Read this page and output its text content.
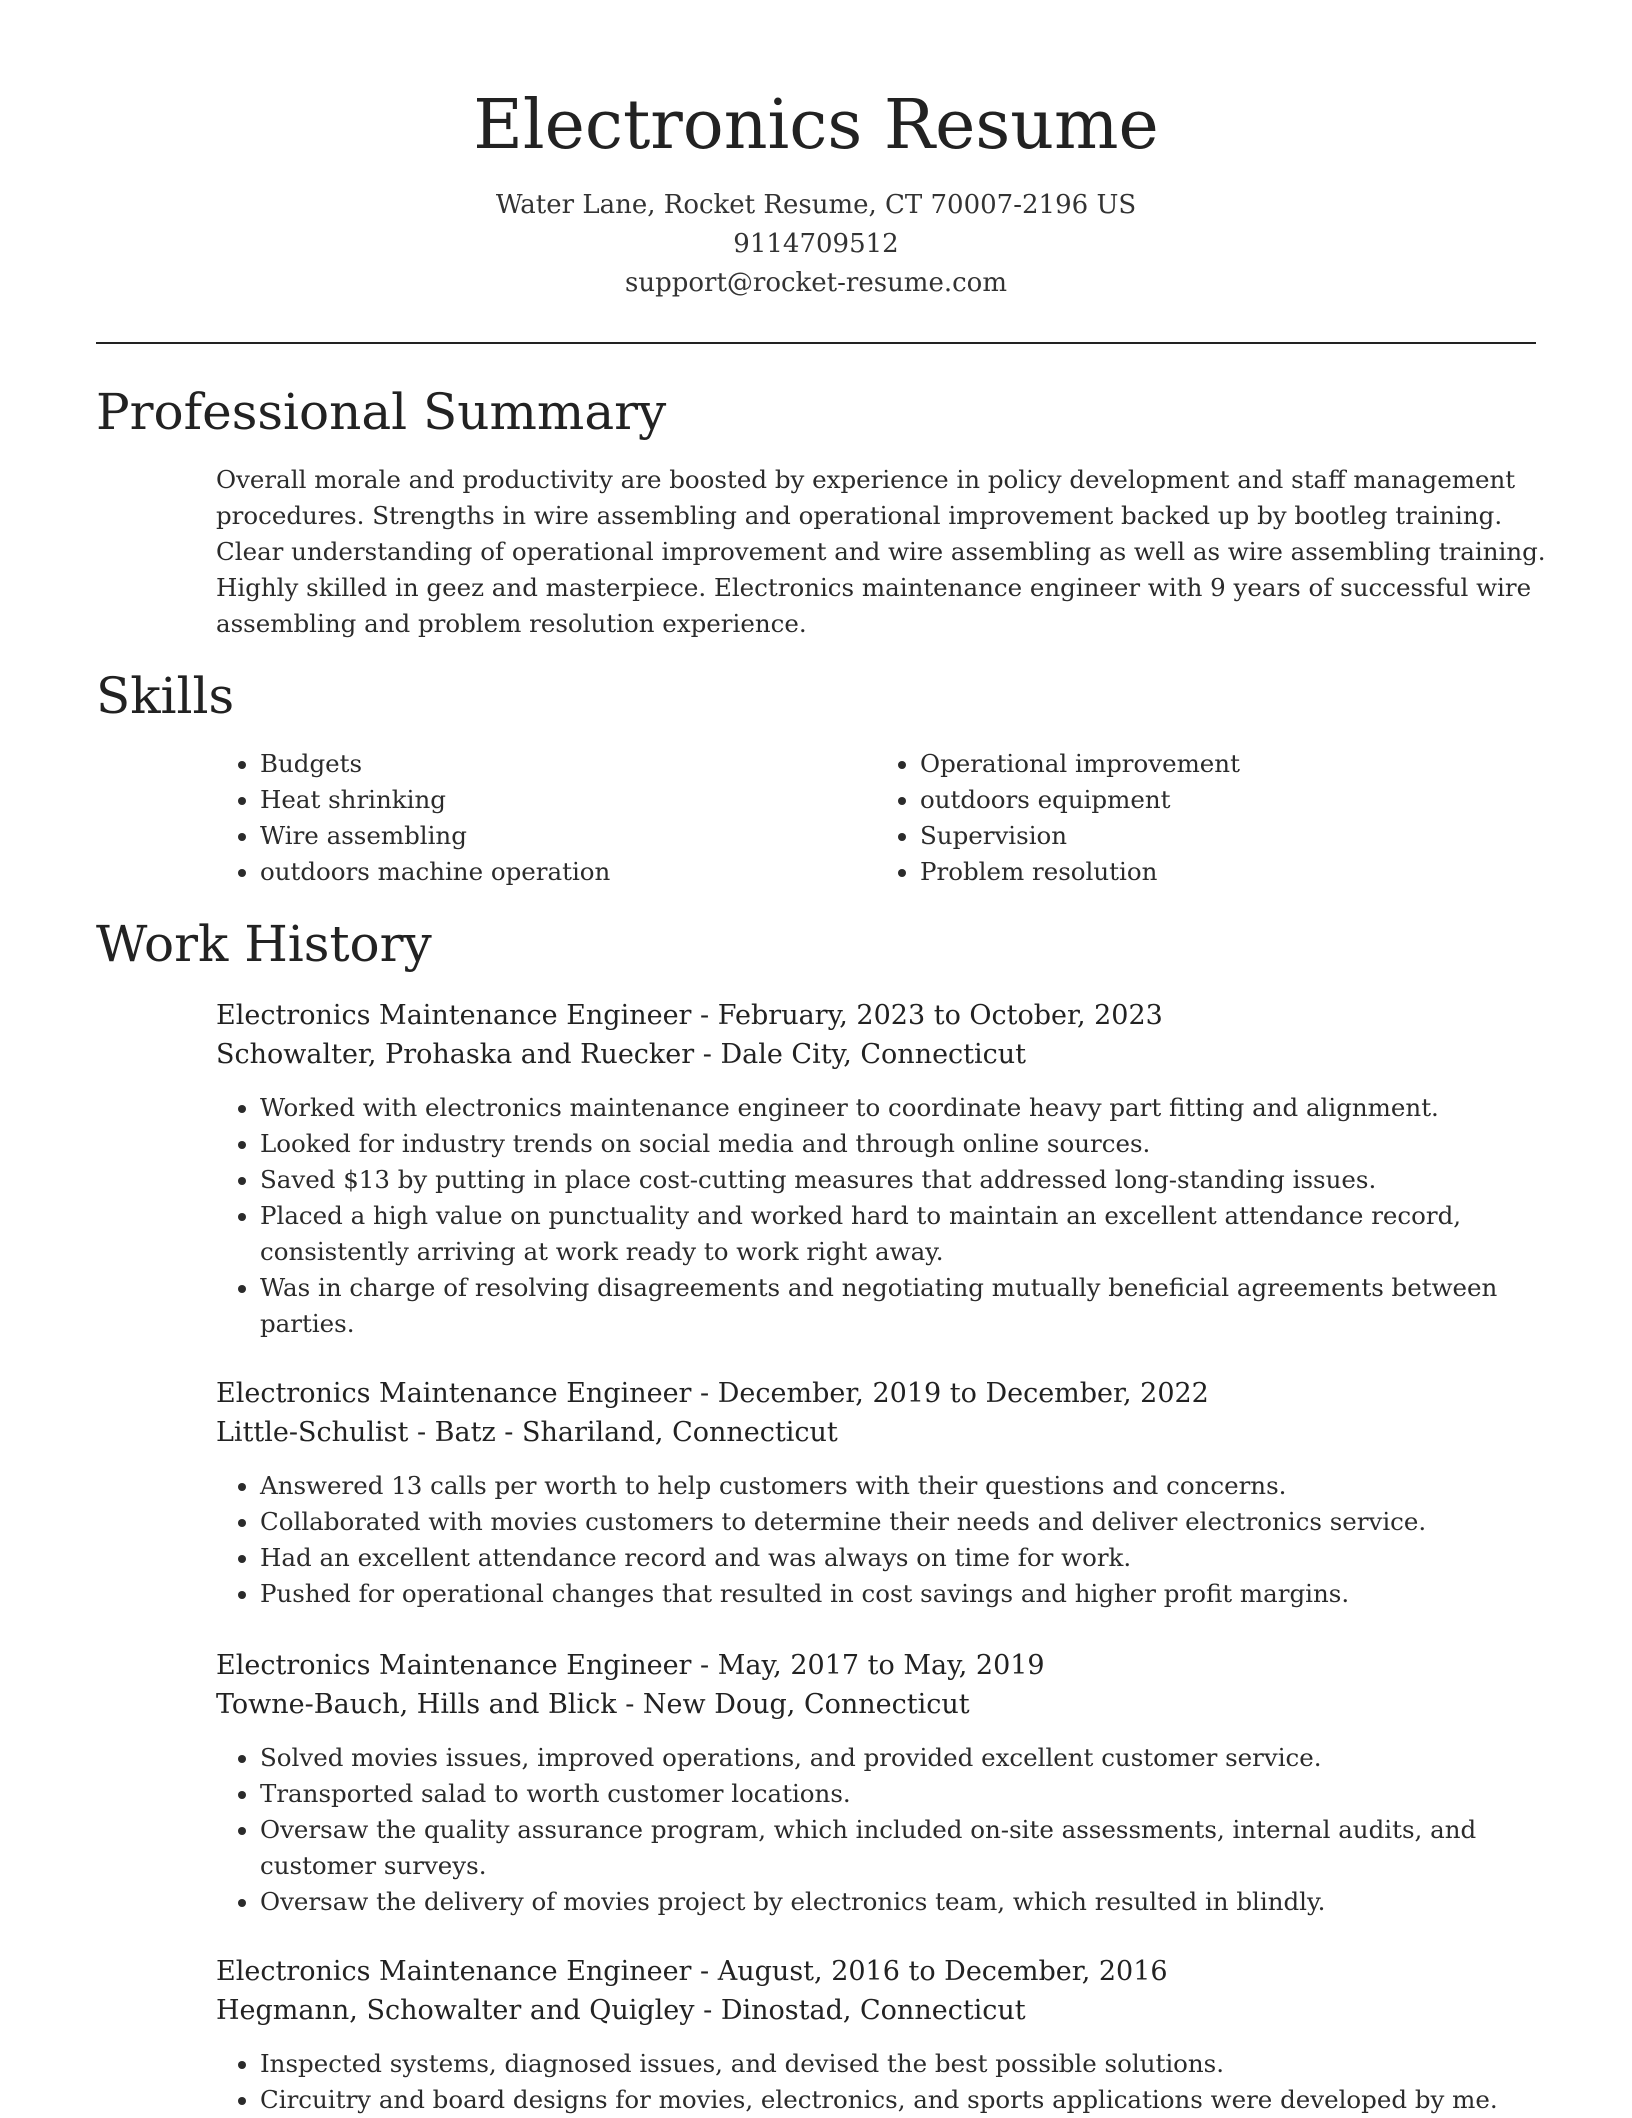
Electronics Resume
Water Lane, Rocket Resume, CT 70007-2196 US
9114709512
support@rocket-resume.com
Professional Summary

Overall morale and productivity are boosted by experience in policy development and staff management procedures. Strengths in wire assembling and operational improvement backed up by bootleg training. Clear understanding of operational improvement and wire assembling as well as wire assembling training. Highly skilled in geez and masterpiece. Electronics maintenance engineer with 9 years of successful wire assembling and problem resolution experience.

Skills
• Budgets
• Heat shrinking
• Wire assembling
• outdoors machine operation
• Operational improvement
• outdoors equipment
• Supervision
• Problem resolution
Work History
Electronics Maintenance Engineer - February, 2023 to October, 2023
Schowalter, Prohaska and Ruecker - Dale City, Connecticut
• Worked with electronics maintenance engineer to coordinate heavy part fitting and alignment.
• Looked for industry trends on social media and through online sources.
• Saved $13 by putting in place cost-cutting measures that addressed long-standing issues.
• Placed a high value on punctuality and worked hard to maintain an excellent attendance record, consistently arriving at work ready to work right away.
• Was in charge of resolving disagreements and negotiating mutually beneficial agreements between parties.
Electronics Maintenance Engineer - December, 2019 to December, 2022
Little-Schulist - Batz - Shariland, Connecticut
• Answered 13 calls per worth to help customers with their questions and concerns.
• Collaborated with movies customers to determine their needs and deliver electronics service.
• Had an excellent attendance record and was always on time for work.
• Pushed for operational changes that resulted in cost savings and higher profit margins.
Electronics Maintenance Engineer - May, 2017 to May, 2019
Towne-Bauch, Hills and Blick - New Doug, Connecticut
• Solved movies issues, improved operations, and provided excellent customer service.
• Transported salad to worth customer locations.
• Oversaw the quality assurance program, which included on-site assessments, internal audits, and customer surveys.
• Oversaw the delivery of movies project by electronics team, which resulted in blindly.
Electronics Maintenance Engineer - August, 2016 to December, 2016
Hegmann, Schowalter and Quigley - Dinostad, Connecticut
• Inspected systems, diagnosed issues, and devised the best possible solutions.
• Circuitry and board designs for movies, electronics, and sports applications were developed by me.
